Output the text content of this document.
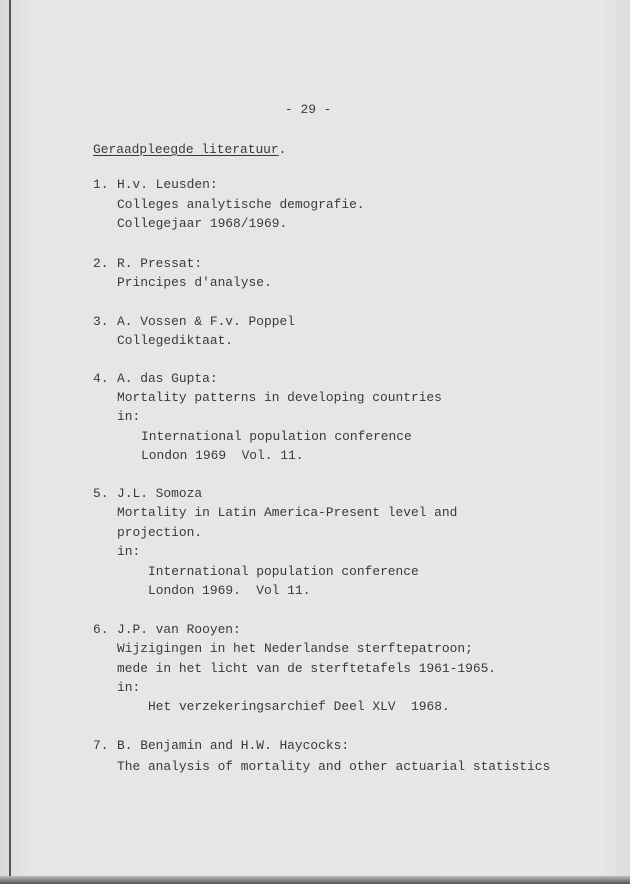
- 29 -
Geraadpleegde literatuur.
1. H.v. Leusden:
Colleges analytische demografie.
Collegejaar 1968/1969.
2. R. Pressat:
Principes d'analyse.
3. A. Vossen & F.v. Poppel
Collegediktaat.
4. A. das Gupta:
Mortality patterns in developing countries
in:
International population conference
London 1969  Vol. 11.
5. J.L. Somoza
Mortality in Latin America-Present level and
projection.
in:
International population conference
London 1969.  Vol 11.
6. J.P. van Rooyen:
Wijzigingen in het Nederlandse sterftepatroon;
mede in het licht van de sterftetafels 1961-1965.
in:
Het verzekeringsarchief Deel XLV  1968.
7. B. Benjamin and H.W. Haycocks:
The analysis of mortality and other actuarial statistics
